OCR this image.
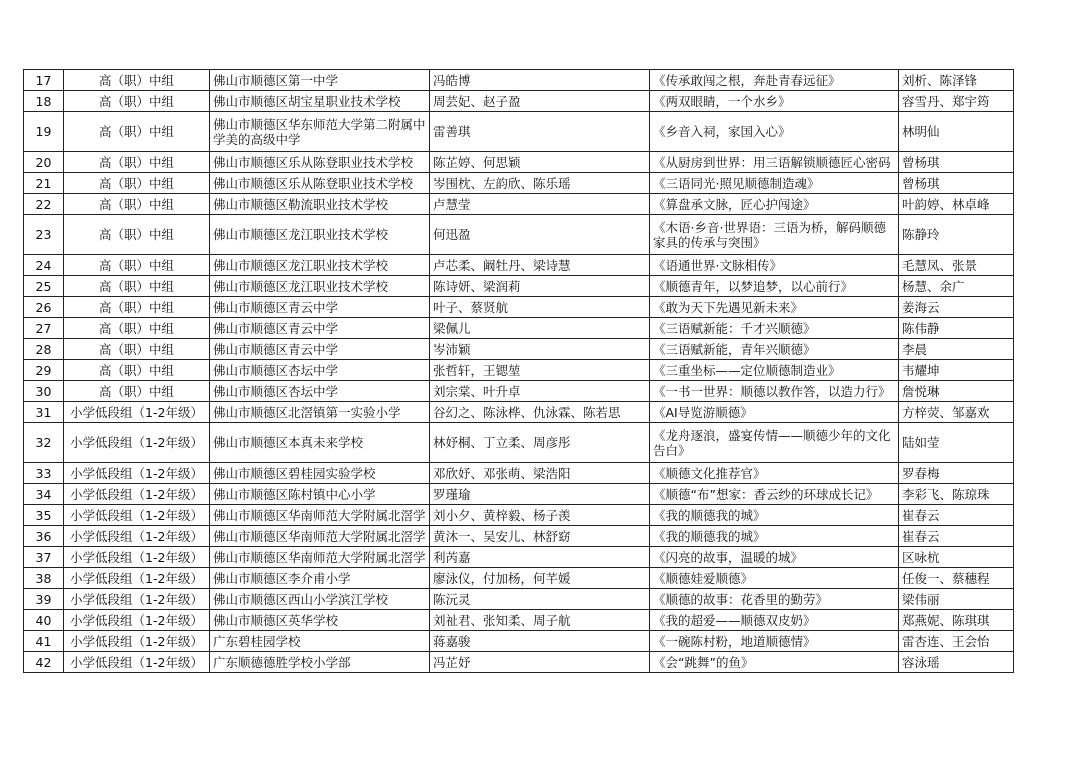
17	高（职）中组	佛山市顺德区第一中学	冯皓博	《传承敢闯之根，奔赴青春远征》	刘析、陈泽锋
18	高（职）中组	佛山市顺德区胡宝星职业技术学校	周芸妃、赵子盈	《两双眼睛，一个水乡》	容雪丹、郑宇筠
19	高（职）中组	佛山市顺德区华东师范大学第二附属中学美的高级中学	雷善琪	《乡音入祠，家国入心》	林明仙
20	高（职）中组	佛山市顺德区乐从陈登职业技术学校	陈芷婷、何思颖	《从厨房到世界：用三语解锁顺德匠心密码	曾杨琪
21	高（职）中组	佛山市顺德区乐从陈登职业技术学校	岑围枕、左韵欣、陈乐瑶	《三语同光·照见顺德制造魂》	曾杨琪
22	高（职）中组	佛山市顺德区勒流职业技术学校	卢慧莹	《算盘承文脉，匠心护闯途》	叶韵婷、林卓峰
23	高（职）中组	佛山市顺德区龙江职业技术学校	何迅盈	《木语·乡音·世界语：三语为桥，解码顺德家具的传承与突围》	陈静玲
24	高（职）中组	佛山市顺德区龙江职业技术学校	卢芯柔、阚牡丹、梁诗慧	《语通世界·文脉相传》	毛慧凤、张景
25	高（职）中组	佛山市顺德区龙江职业技术学校	陈诗妍、梁润莉	《顺德青年，以梦追梦，以心前行》	杨慧、余广
26	高（职）中组	佛山市顺德区青云中学	叶子、蔡贤航	《敢为天下先遇见新未来》	姜海云
27	高（职）中组	佛山市顺德区青云中学	梁佩儿	《三语赋新能：千才兴顺德》	陈伟静
28	高（职）中组	佛山市顺德区青云中学	岑沛颖	《三语赋新能，青年兴顺德》	李晨
29	高（职）中组	佛山市顺德区杏坛中学	张哲轩，王锶堃	《三重坐标——定位顺德制造业》	韦耀坤
30	高（职）中组	佛山市顺德区杏坛中学	刘宗棠、叶升卓	《一书一世界：顺德以教作答，以造力行》	詹悦琳
31	小学低段组（1-2年级）	佛山市顺德区北滘镇第一实验小学	谷幻之、陈泳桦、仇泳霖、陈若思	《AI导览游顺德》	方梓荧、邹嘉欢
32	小学低段组（1-2年级）	佛山市顺德区本真未来学校	林妤桐、丁立柔、周彦彤	《龙舟逐浪，盛宴传情——顺德少年的文化告白》	陆如莹
33	小学低段组（1-2年级）	佛山市顺德区碧桂园实验学校	邓欣妤、邓张萌、梁浩阳	《顺德文化推荐官》	罗春梅
34	小学低段组（1-2年级）	佛山市顺德区陈村镇中心小学	罗瑾瑜	《顺德“布”想家：香云纱的环球成长记》	李彩飞、陈琼珠
35	小学低段组（1-2年级）	佛山市顺德区华南师范大学附属北滘学	刘小夕、黄梓毅、杨子羡	《我的顺德我的城》	崔春云
36	小学低段组（1-2年级）	佛山市顺德区华南师范大学附属北滘学	黄沐一、吴安儿、林舒窈	《我的顺德我的城》	崔春云
37	小学低段组（1-2年级）	佛山市顺德区华南师范大学附属北滘学	利芮嘉	《闪亮的故事，温暖的城》	区咏杭
38	小学低段组（1-2年级）	佛山市顺德区李介甫小学	廖泳仪，付加杨，何芊媛	《顺德娃爱顺德》	任俊一、蔡穗程
39	小学低段组（1-2年级）	佛山市顺德区西山小学滨江学校	陈沅灵	《顺德的故事：花香里的勤劳》	梁伟丽
40	小学低段组（1-2年级）	佛山市顺德区英华学校	刘祉君、张知柔、周子航	《我的超爱——顺德双皮奶》	郑燕妮、陈琪琪
41	小学低段组（1-2年级）	广东碧桂园学校	蒋嘉骏	《一碗陈村粉，地道顺德情》	雷杏连、王会怡
42	小学低段组（1-2年级）	广东顺德德胜学校小学部	冯芷妤	《会“跳舞”的鱼》	容泳瑶
